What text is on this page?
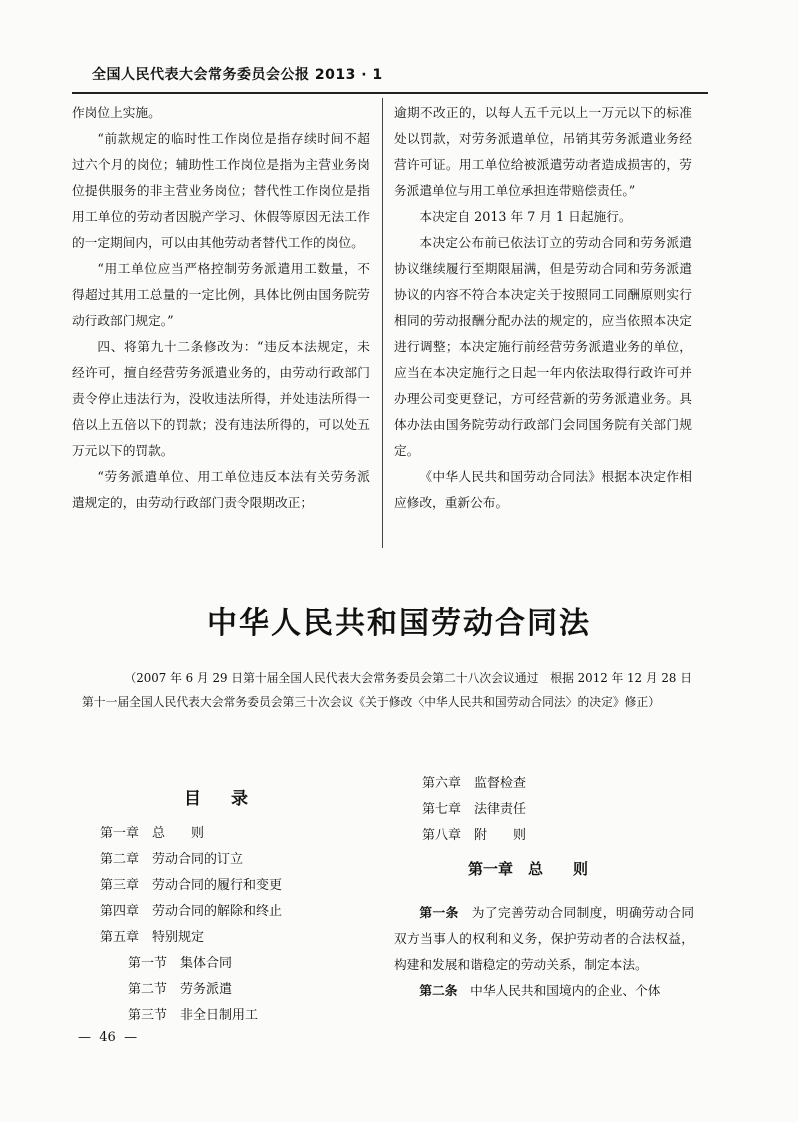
全国人民代表大会常务委员会公报 2013 · 1

作岗位上实施。

“前款规定的临时性工作岗位是指存续时间不超过六个月的岗位；辅助性工作岗位是指为主营业务岗位提供服务的非主营业务岗位；替代性工作岗位是指用工单位的劳动者因脱产学习、休假等原因无法工作的一定期间内，可以由其他劳动者替代工作的岗位。

“用工单位应当严格控制劳务派遣用工数量，不得超过其用工总量的一定比例，具体比例由国务院劳动行政部门规定。”

四、将第九十二条修改为：“违反本法规定，未经许可，擅自经营劳务派遣业务的，由劳动行政部门责令停止违法行为，没收违法所得，并处违法所得一倍以上五倍以下的罚款；没有违法所得的，可以处五万元以下的罚款。

“劳务派遣单位、用工单位违反本法有关劳务派遣规定的，由劳动行政部门责令限期改正；

逾期不改正的，以每人五千元以上一万元以下的标准处以罚款，对劳务派遣单位，吊销其劳务派遣业务经营许可证。用工单位给被派遣劳动者造成损害的，劳务派遣单位与用工单位承担连带赔偿责任。”

本决定自 2013 年 7 月 1 日起施行。

本决定公布前已依法订立的劳动合同和劳务派遣协议继续履行至期限届满，但是劳动合同和劳务派遣协议的内容不符合本决定关于按照同工同酬原则实行相同的劳动报酬分配办法的规定的，应当依照本决定进行调整；本决定施行前经营劳务派遣业务的单位，应当在本决定施行之日起一年内依法取得行政许可并办理公司变更登记，方可经营新的劳务派遣业务。具体办法由国务院劳动行政部门会同国务院有关部门规定。

《中华人民共和国劳动合同法》根据本决定作相应修改，重新公布。

中华人民共和国劳动合同法

（2007 年 6 月 29 日第十届全国人民代表大会常务委员会第二十八次会议通过　根据 2012 年 12 月 28 日第十一届全国人民代表大会常务委员会第三十次会议《关于修改〈中华人民共和国劳动合同法〉的决定》修正）

目录
第一章　总　　则
第二章　劳动合同的订立
第三章　劳动合同的履行和变更
第四章　劳动合同的解除和终止
第五章　特别规定
第一节　集体合同
第二节　劳务派遣
第三节　非全日制用工
第六章　监督检查
第七章　法律责任
第八章　附　　则
第一章　总　　则

第一条　 为了完善劳动合同制度，明确劳动合同双方当事人的权利和义务，保护劳动者的合法权益，构建和发展和谐稳定的劳动关系，制定本法。

第二条　 中华人民共和国境内的企业、个体

—  46  —
